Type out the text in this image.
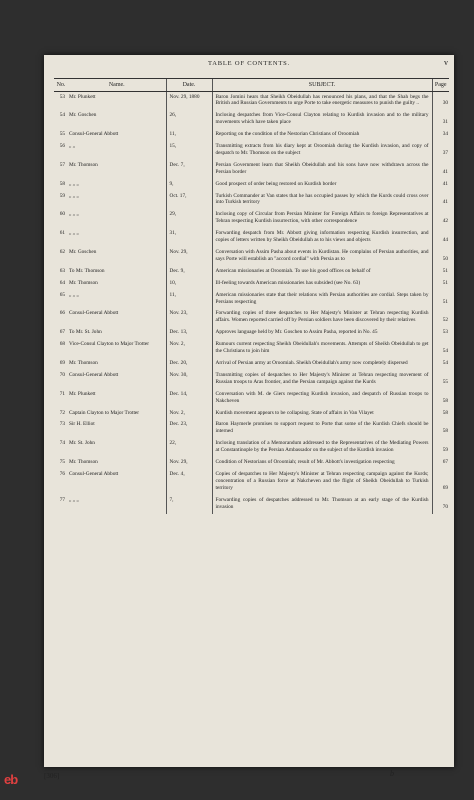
TABLE OF CONTENTS.	v
No.	Name.	Date.	SUBJECT.	Page
53	Mr. Plunkett	Nov. 29, 1880	Baron Jomini hears that Sheikh Obeidullah has renounced his plans, and that the Shah begs the British and Russian Governments to urge Porte to take energetic measures to punish the guilty ..	30
54	Mr. Goschen	26,	Inclosing despatches from Vice-Consul Clayton relating to Kurdish invasion and to the military movements which have taken place	31
55	Consul-General Abbott	11,	Reporting on the condition of the Nestorian Christians of Oroomiah	34
56	„ „	15,	Transmitting extracts from his diary kept at Oroomiah during the Kurdish invasion, and copy of despatch to Mr. Thomson on the subject	37
57	Mr. Thomson	Dec. 7,	Persian Government learn that Sheikh Obeidullah and his sons have now withdrawn across the Persian border	41
58	„ „ „	9,	Good prospect of order being restored on Kurdish border	41
59	„ „ „	Oct. 17,	Turkish Commander at Van states that he has occupied passes by which the Kurds could cross over into Turkish territory	41
60	„ „ „	29,	Inclosing copy of Circular from Persian Minister for Foreign Affairs to foreign Representatives at Tehran respecting Kurdish insurrection, with other correspondence	42
61	„ „ „	31,	Forwarding despatch from Mr. Abbott giving information respecting Kurdish insurrection, and copies of letters written by Sheikh Obeidullah as to his views and objects	44
62	Mr. Goschen	Nov. 29,	Conversation with Assim Pasha about events in Kurdistan. He complains of Persian authorities, and says Porte will establish an "accord cordial" with Persia as to	50
63	To Mr. Thomson	Dec. 9,	American missionaries at Oroomiah. To use his good offices on behalf of	51
64	Mr. Thomson	10,	Ill-feeling towards American missionaries has subsided (see No. 63)	51
65	„ „ „	11,	American missionaries state that their relations with Persian authorities are cordial. Steps taken by Persians respecting	51
66	Consul-General Abbott	Nov. 23,	Forwarding copies of three despatches to Her Majesty's Minister at Tehran respecting Kurdish affairs. Women reported carried off by Persian soldiers have been discovered by their relatives	52
67	To Mr. St. John	Dec. 13,	Approves language held by Mr. Goschen to Assim Pasha, reported in No. 45	53
68	Vice-Consul Clayton to Major Trotter	Nov. 2,	Rumours current respecting Sheikh Obeidullah's movements. Attempts of Sheikh Obeidullah to get the Christians to join him	54
69	Mr. Thomson	Dec. 20,	Arrival of Persian army at Oroomiah. Sheikh Obeidullah's army now completely dispersed	54
70	Consul-General Abbott	Nov. 30,	Transmitting copies of despatches to Her Majesty's Minister at Tehran respecting movement of Russian troops to Aras frontier, and the Persian campaign against the Kurds	55
71	Mr. Plunkett	Dec. 14,	Conversation with M. de Giers respecting Kurdish invasion, and despatch of Russian troops to Nakcheven	58
72	Captain Clayton to Major Trotter	Nov. 2,	Kurdish movement appears to be collapsing. State of affairs in Van Vilayet	58
73	Sir H. Elliot	Dec. 23,	Baron Haymerle promises to support request to Porte that some of the Kurdish Chiefs should be interned	58
74	Mr. St. John	22,	Inclosing translation of a Memorandum addressed to the Representatives of the Mediating Powers at Constantinople by the Persian Ambassador on the subject of the Kurdish invasion	59
75	Mr. Thomson	Nov. 29,	Condition of Nestorians of Oroomiah; result of Mr. Abbott's investigation respecting	67
76	Consul-General Abbott	Dec. 4,	Copies of despatches to Her Majesty's Minister at Tehran respecting campaign against the Kurds; concentration of a Russian force at Nakcheven and the flight of Sheikh Obeidullah to Turkish territory	69
77	„ „ „	7,	Forwarding copies of despatches addressed to Mr. Thomson at an early stage of the Kurdish invasion	70
[306]	b
eb
